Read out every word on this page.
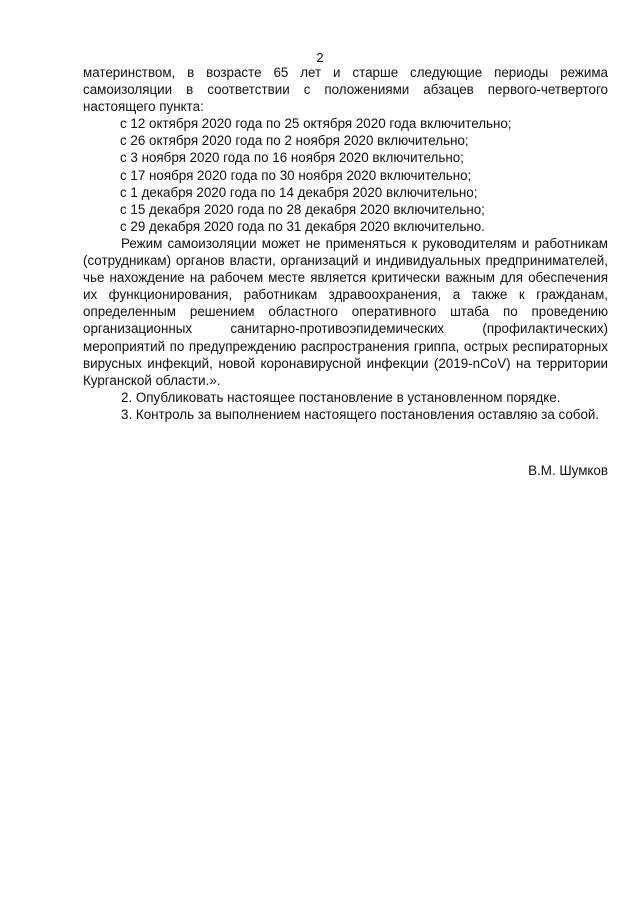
2

материнством, в возрасте 65 лет и старше следующие периоды режима самоизоляции в соответствии с положениями абзацев первого-четвертого настоящего пункта:

с 12 октября 2020 года по 25 октября 2020 года включительно;

с 26 октября 2020 года по 2 ноября 2020 включительно;

с 3 ноября 2020 года по 16 ноября 2020 включительно;

с 17 ноября 2020 года по 30 ноября 2020 включительно;

с 1 декабря 2020 года по 14 декабря 2020 включительно;

с 15 декабря 2020 года по 28 декабря 2020 включительно;

с 29 декабря 2020 года по 31 декабря 2020 включительно.

Режим самоизоляции может не применяться к руководителям и работникам (сотрудникам) органов власти, организаций и индивидуальных предпринимателей, чье нахождение на рабочем месте является критически важным для обеспечения их функционирования, работникам здравоохранения, а также к гражданам, определенным решением областного оперативного штаба по проведению организационных санитарно-противоэпидемических (профилактических) мероприятий по предупреждению распространения гриппа, острых респираторных вирусных инфекций, новой коронавирусной инфекции (2019-nCoV) на территории Курганской области.».

2. Опубликовать настоящее постановление в установленном порядке.

3. Контроль за выполнением настоящего постановления оставляю за собой.

В.М. Шумков
